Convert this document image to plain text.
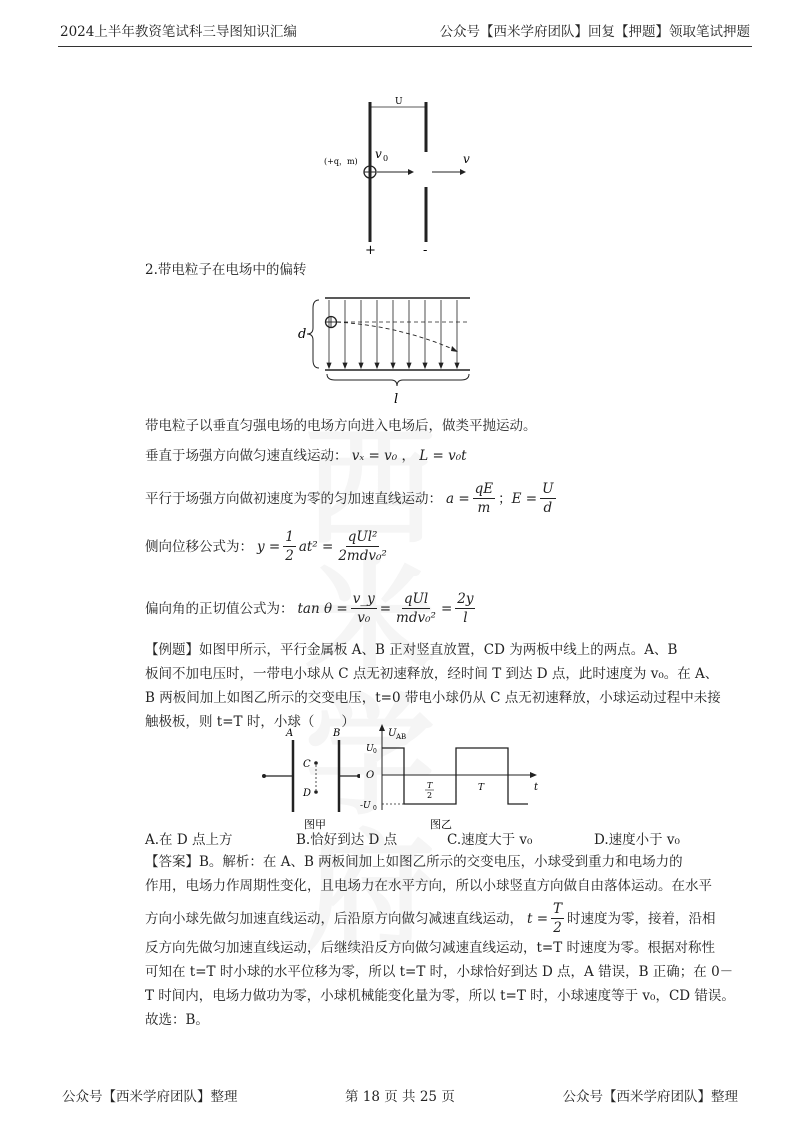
2024上半年教资笔试科三导图知识汇编	公众号【西米学府团队】回复【押题】领取笔试押题
U
(+q，m)
v 0	v
+	-
2.带电粒子在电场中的偏转
d
l
带电粒子以垂直匀强电场的电场方向进入电场后，做类平抛运动。
垂直于场强方向做匀速直线运动： vₓ = v₀ ， L = v₀t
平行于场强方向做初速度为零的匀加速直线运动： $a = \frac{qE}{m}$ ； $E = \frac{U}{d}$
侧向位移公式为： $y = \frac{1}{2} at^2 = \frac{\text{qUl²}}{\text{2mdv₀²}}$
偏向角的正切值公式为： $\tan \theta = \frac{v\_y}{\text{v₀}} = \frac{\text{qUl}}{\text{mdv₀²}} = \frac{2y}{l}$
【例题】如图甲所示，平行金属板 A、B 正对竖直放置，CD 为两板中线上的两点。A、B
板间不加电压时，一带电小球从 C 点无初速释放，经时间 T 到达 D 点，此时速度为 v₀。在 A、
B 两板间加上如图乙所示的交变电压，t=0 带电小球仍从 C 点无初速释放，小球运动过程中未接
触极板，则 t=T 时，小球（　　）
A	B
C
D
图甲
U AB
t
U 0
O
-U 0
T
2
T
图乙
A.在 D 点上方	B.恰好到达 D 点	C.速度大于 v₀	D.速度小于 v₀
【答案】B。解析：在 A、B 两板间加上如图乙所示的交变电压，小球受到重力和电场力的
作用，电场力作周期性变化，且电场力在水平方向，所以小球竖直方向做自由落体运动。在水平
方向小球先做匀加速直线运动，后沿原方向做匀减速直线运动， $t = \frac{T}{2}$ 时速度为零，接着，沿相
反方向先做匀加速直线运动，后继续沿反方向做匀减速直线运动，t=T 时速度为零。根据对称性
可知在 t=T 时小球的水平位移为零，所以 t=T 时，小球恰好到达 D 点，A 错误，B 正确；在 0－
T 时间内，电场力做功为零，小球机械能变化量为零，所以 t=T 时，小球速度等于 v₀，CD 错误。
故选：B。
公众号【西米学府团队】整理	第 18 页 共 25 页	公众号【西米学府团队】整理
